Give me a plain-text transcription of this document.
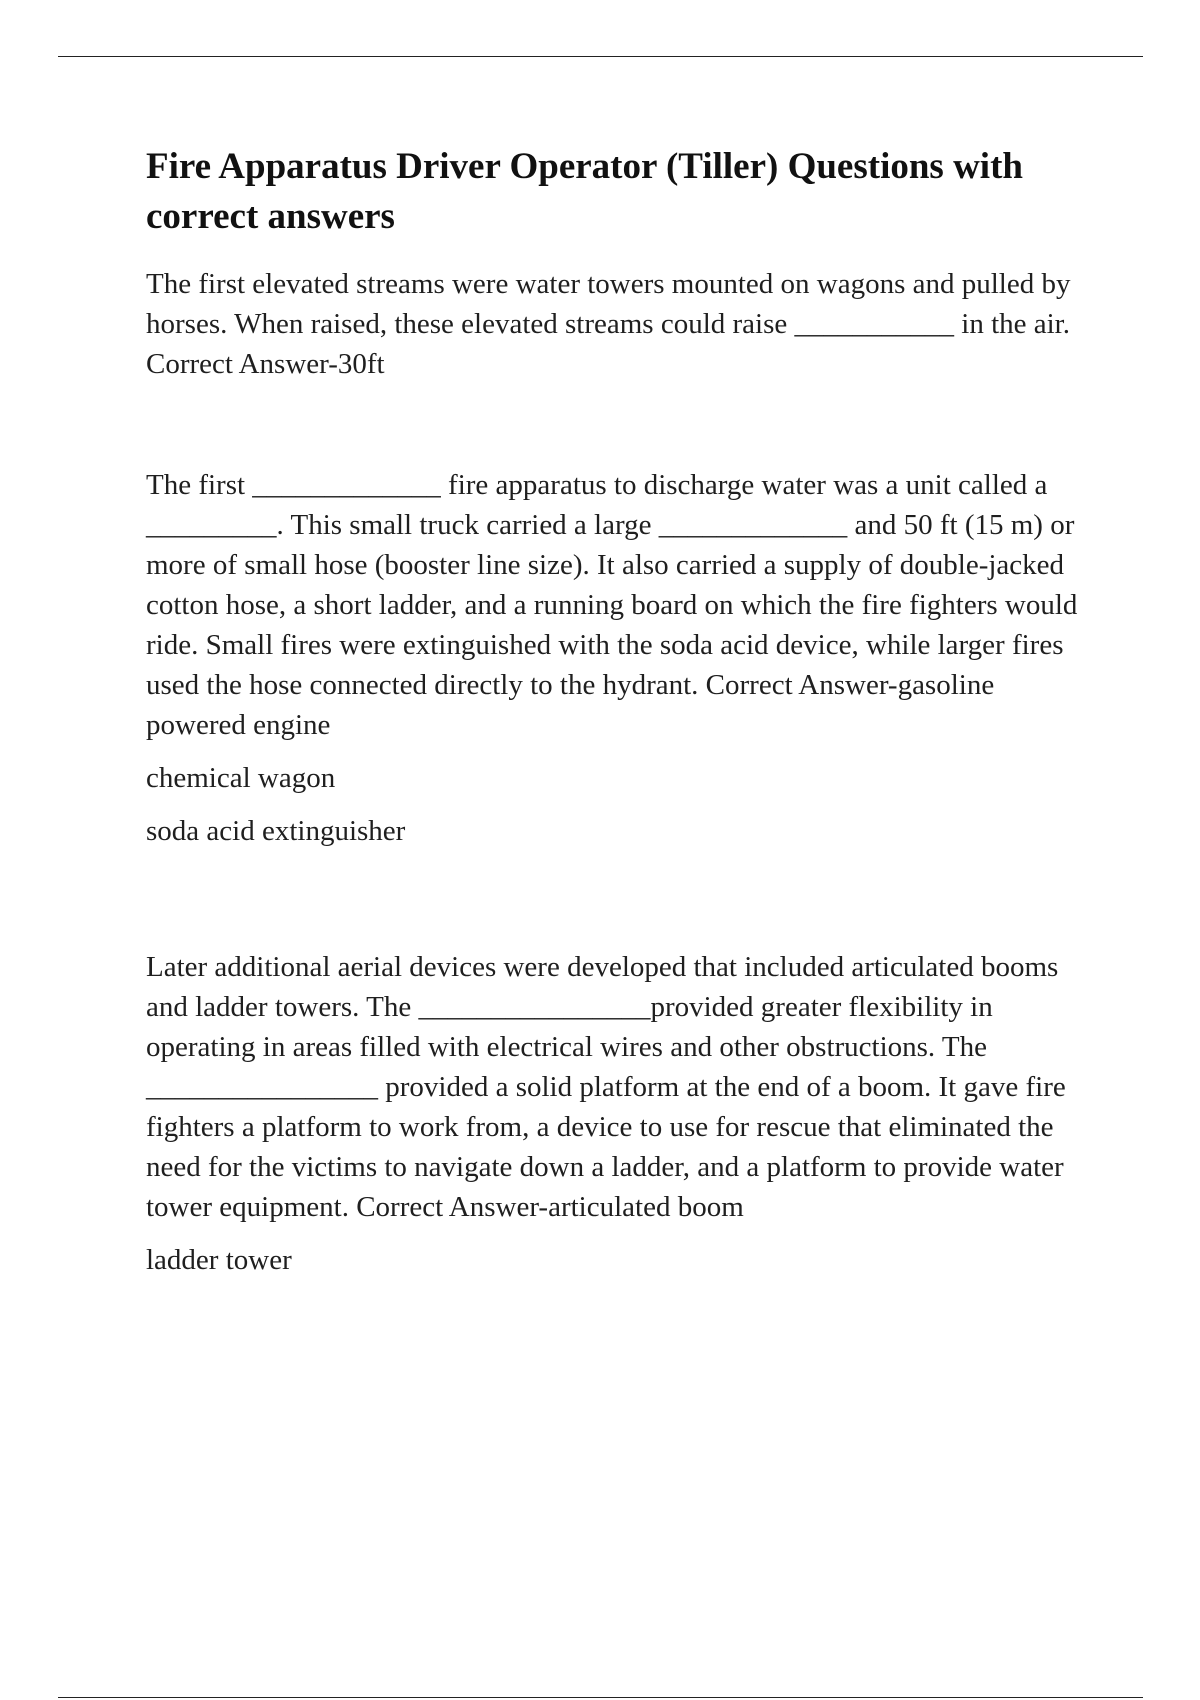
Fire Apparatus Driver Operator (Tiller) Questions with correct answers

The first elevated streams were water towers mounted on wagons and pulled by horses. When raised, these elevated streams could raise ___________ in the air. Correct Answer-30ft

The first _____________ fire apparatus to discharge water was a unit called a _________. This small truck carried a large _____________ and 50 ft (15 m) or more of small hose (booster line size). It also carried a supply of double-jacked cotton hose, a short ladder, and a running board on which the fire fighters would ride. Small fires were extinguished with the soda acid device, while larger fires used the hose connected directly to the hydrant. Correct Answer-gasoline powered engine

chemical wagon

soda acid extinguisher

Later additional aerial devices were developed that included articulated booms and ladder towers. The ________________provided greater flexibility in operating in areas filled with electrical wires and other obstructions. The ________________ provided a solid platform at the end of a boom. It gave fire fighters a platform to work from, a device to use for rescue that eliminated the need for the victims to navigate down a ladder, and a platform to provide water tower equipment. Correct Answer-articulated boom

ladder tower
